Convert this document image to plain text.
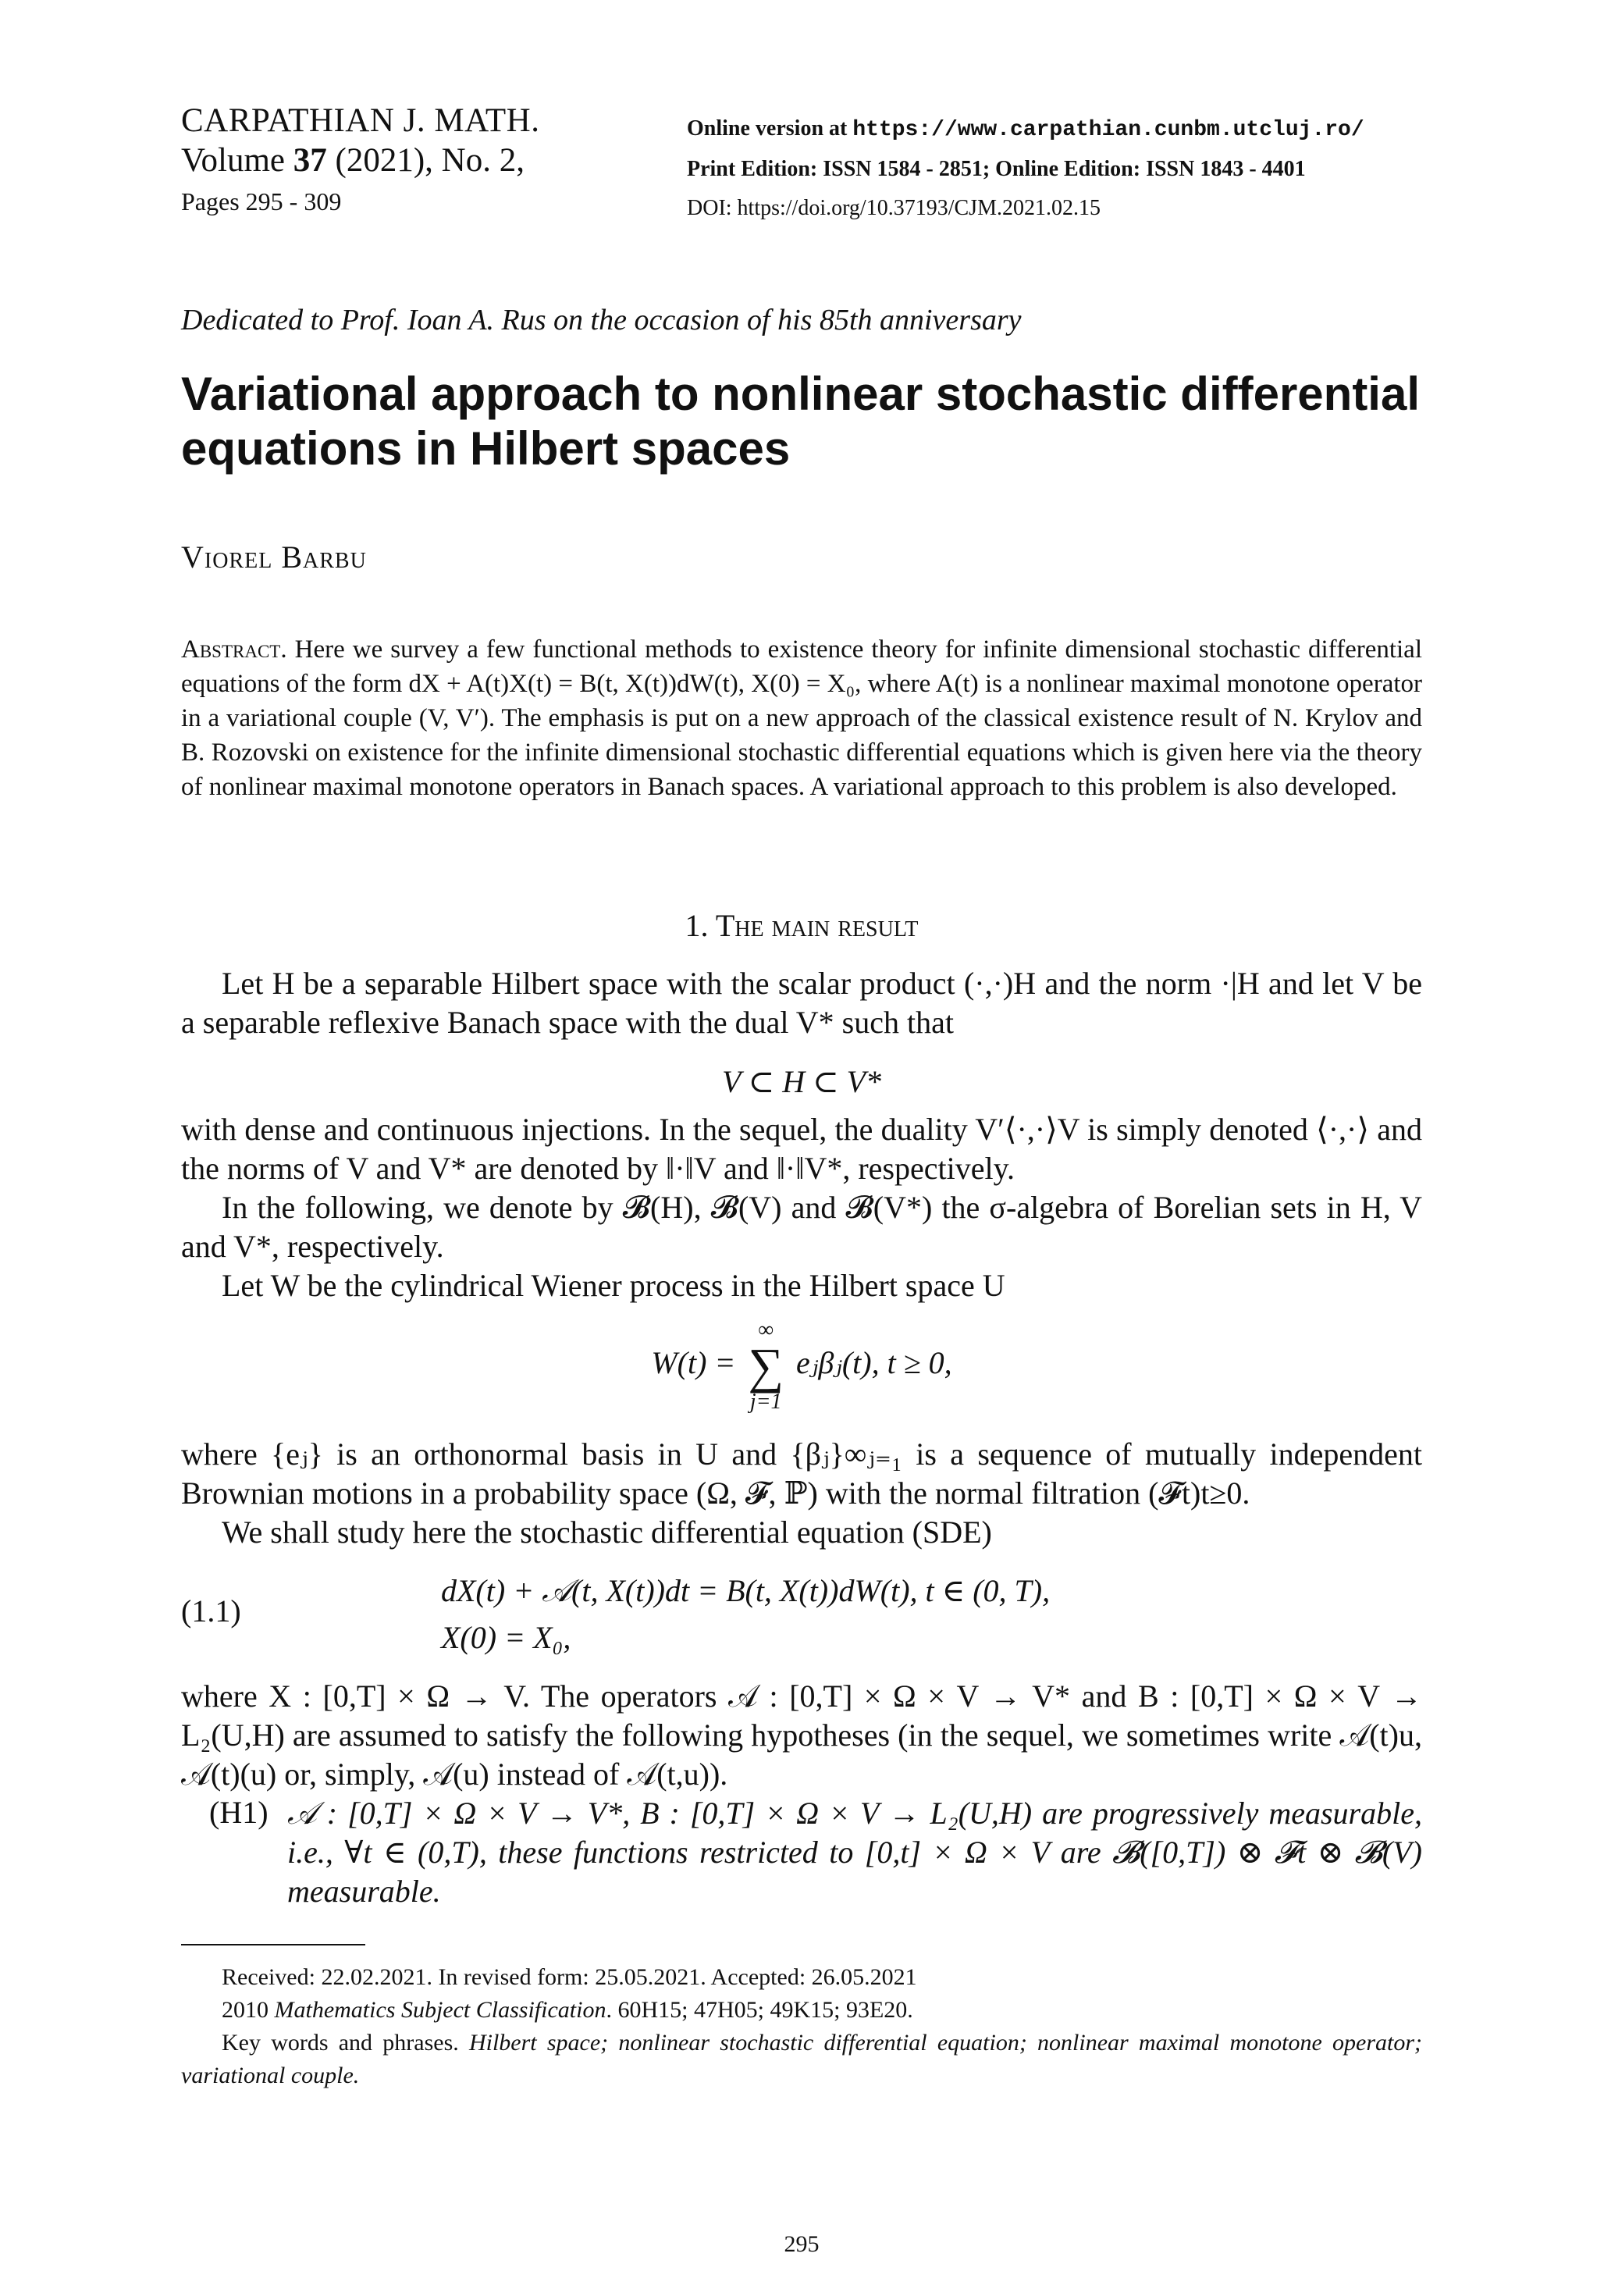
CARPATHIAN J. MATH.
Volume 37 (2021), No. 2,
Pages 295 - 309
Online version at https://www.carpathian.cunbm.utcluj.ro/
Print Edition: ISSN 1584 - 2851; Online Edition: ISSN 1843 - 4401
DOI: https://doi.org/10.37193/CJM.2021.02.15
Dedicated to Prof. Ioan A. Rus on the occasion of his 85th anniversary
Variational approach to nonlinear stochastic differential
equations in Hilbert spaces
Viorel Barbu
Abstract. Here we survey a few functional methods to existence theory for infinite dimensional stochastic differential equations of the form dX + A(t)X(t) = B(t, X(t))dW(t), X(0) = X₀, where A(t) is a nonlinear maximal monotone operator in a variational couple (V, V′). The emphasis is put on a new approach of the classical existence result of N. Krylov and B. Rozovski on existence for the infinite dimensional stochastic differential equations which is given here via the theory of nonlinear maximal monotone operators in Banach spaces. A variational approach to this problem is also developed.
1. The main result
Let H be a separable Hilbert space with the scalar product (·,·)H and the norm ·|H and let V be a separable reflexive Banach space with the dual V* such that
V ⊂ H ⊂ V*
with dense and continuous injections. In the sequel, the duality V′⟨·,·⟩V is simply denoted ⟨·,·⟩ and the norms of V and V* are denoted by ‖·‖V and ‖·‖V*, respectively.
In the following, we denote by 𝓑(H), 𝓑(V) and 𝓑(V*) the σ-algebra of Borelian sets in H, V and V*, respectively.
Let W be the cylindrical Wiener process in the Hilbert space U
W(t) =
∞
∑
j=1
eⱼβⱼ(t), t ≥ 0,
where {eⱼ} is an orthonormal basis in U and {βⱼ}∞ⱼ₌₁ is a sequence of mutually independent Brownian motions in a probability space (Ω, 𝓕, ℙ) with the normal filtration (𝓕t)t≥0.
We shall study here the stochastic differential equation (SDE)
(1.1)
dX(t) + 𝒜(t, X(t))dt = B(t, X(t))dW(t), t ∈ (0, T),
X(0) = X₀,
where X : [0,T] × Ω → V. The operators 𝒜 : [0,T] × Ω × V → V* and B : [0,T] × Ω × V → L₂(U,H) are assumed to satisfy the following hypotheses (in the sequel, we sometimes write 𝒜(t)u, 𝒜(t)(u) or, simply, 𝒜(u) instead of 𝒜(t,u)).
(H1) 𝒜 : [0,T] × Ω × V → V*, B : [0,T] × Ω × V → L₂(U,H) are progressively measurable, i.e., ∀t ∈ (0,T), these functions restricted to [0,t] × Ω × V are 𝓑([0,T]) ⊗ 𝓕t ⊗ 𝓑(V) measurable.
Received: 22.02.2021. In revised form: 25.05.2021. Accepted: 26.05.2021
2010 Mathematics Subject Classification. 60H15; 47H05; 49K15; 93E20.
Key words and phrases. Hilbert space; nonlinear stochastic differential equation; nonlinear maximal monotone operator; variational couple.
295
